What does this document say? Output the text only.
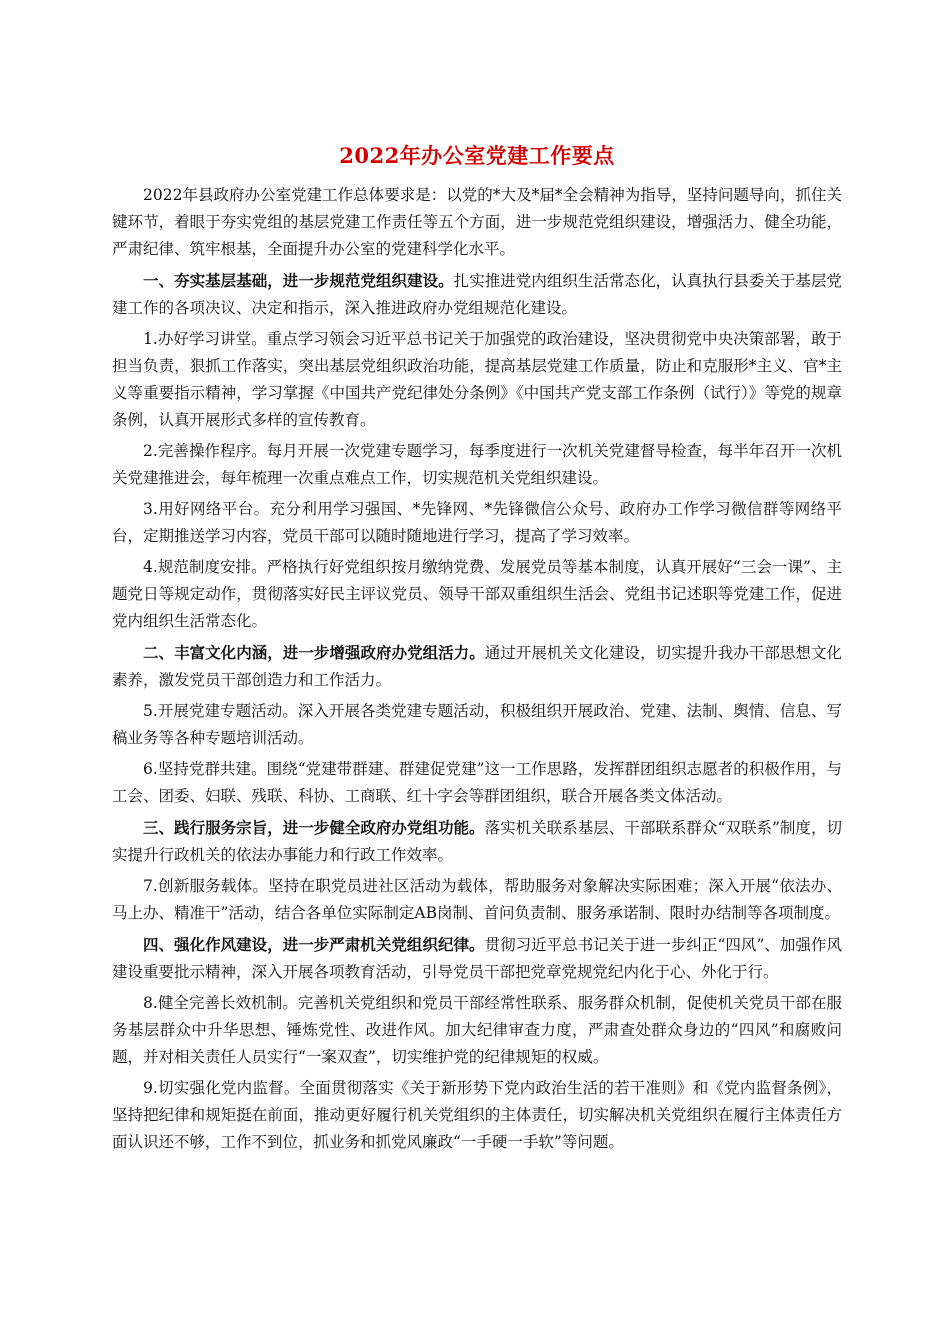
2022年办公室党建工作要点

2022年县政府办公室党建工作总体要求是：以党的*大及*届*全会精神为指导，坚持问题导向，抓住关键环节，着眼于夯实党组的基层党建工作责任等五个方面，进一步规范党组织建设，增强活力、健全功能，严肃纪律、筑牢根基，全面提升办公室的党建科学化水平。

一、夯实基层基础，进一步规范党组织建设。扎实推进党内组织生活常态化，认真执行县委关于基层党建工作的各项决议、决定和指示，深入推进政府办党组规范化建设。

1.办好学习讲堂。重点学习领会习近平总书记关于加强党的政治建设，坚决贯彻党中央决策部署，敢于担当负责，狠抓工作落实，突出基层党组织政治功能，提高基层党建工作质量，防止和克服形*主义、官*主义等重要指示精神，学习掌握《中国共产党纪律处分条例》《中国共产党支部工作条例（试行）》等党的规章条例，认真开展形式多样的宣传教育。

2.完善操作程序。每月开展一次党建专题学习，每季度进行一次机关党建督导检查，每半年召开一次机关党建推进会，每年梳理一次重点难点工作，切实规范机关党组织建设。

3.用好网络平台。充分利用学习强国、*先锋网、*先锋微信公众号、政府办工作学习微信群等网络平台，定期推送学习内容，党员干部可以随时随地进行学习，提高了学习效率。

4.规范制度安排。严格执行好党组织按月缴纳党费、发展党员等基本制度，认真开展好“三会一课”、主题党日等规定动作，贯彻落实好民主评议党员、领导干部双重组织生活会、党组书记述职等党建工作，促进党内组织生活常态化。

二、丰富文化内涵，进一步增强政府办党组活力。通过开展机关文化建设，切实提升我办干部思想文化素养，激发党员干部创造力和工作活力。

5.开展党建专题活动。深入开展各类党建专题活动，积极组织开展政治、党建、法制、舆情、信息、写稿业务等各种专题培训活动。

6.坚持党群共建。围绕“党建带群建、群建促党建”这一工作思路，发挥群团组织志愿者的积极作用，与工会、团委、妇联、残联、科协、工商联、红十字会等群团组织，联合开展各类文体活动。

三、践行服务宗旨，进一步健全政府办党组功能。落实机关联系基层、干部联系群众“双联系”制度，切实提升行政机关的依法办事能力和行政工作效率。

7.创新服务载体。坚持在职党员进社区活动为载体，帮助服务对象解决实际困难；深入开展“依法办、马上办、精准干”活动，结合各单位实际制定AB岗制、首问负责制、服务承诺制、限时办结制等各项制度。

四、强化作风建设，进一步严肃机关党组织纪律。贯彻习近平总书记关于进一步纠正“四风”、加强作风建设重要批示精神，深入开展各项教育活动，引导党员干部把党章党规党纪内化于心、外化于行。

8.健全完善长效机制。完善机关党组织和党员干部经常性联系、服务群众机制，促使机关党员干部在服务基层群众中升华思想、锤炼党性、改进作风。加大纪律审查力度，严肃查处群众身边的“四风”和腐败问题，并对相关责任人员实行“一案双查”，切实维护党的纪律规矩的权威。

9.切实强化党内监督。全面贯彻落实《关于新形势下党内政治生活的若干准则》和《党内监督条例》，坚持把纪律和规矩挺在前面，推动更好履行机关党组织的主体责任，切实解决机关党组织在履行主体责任方面认识还不够，工作不到位，抓业务和抓党风廉政“一手硬一手软”等问题。
